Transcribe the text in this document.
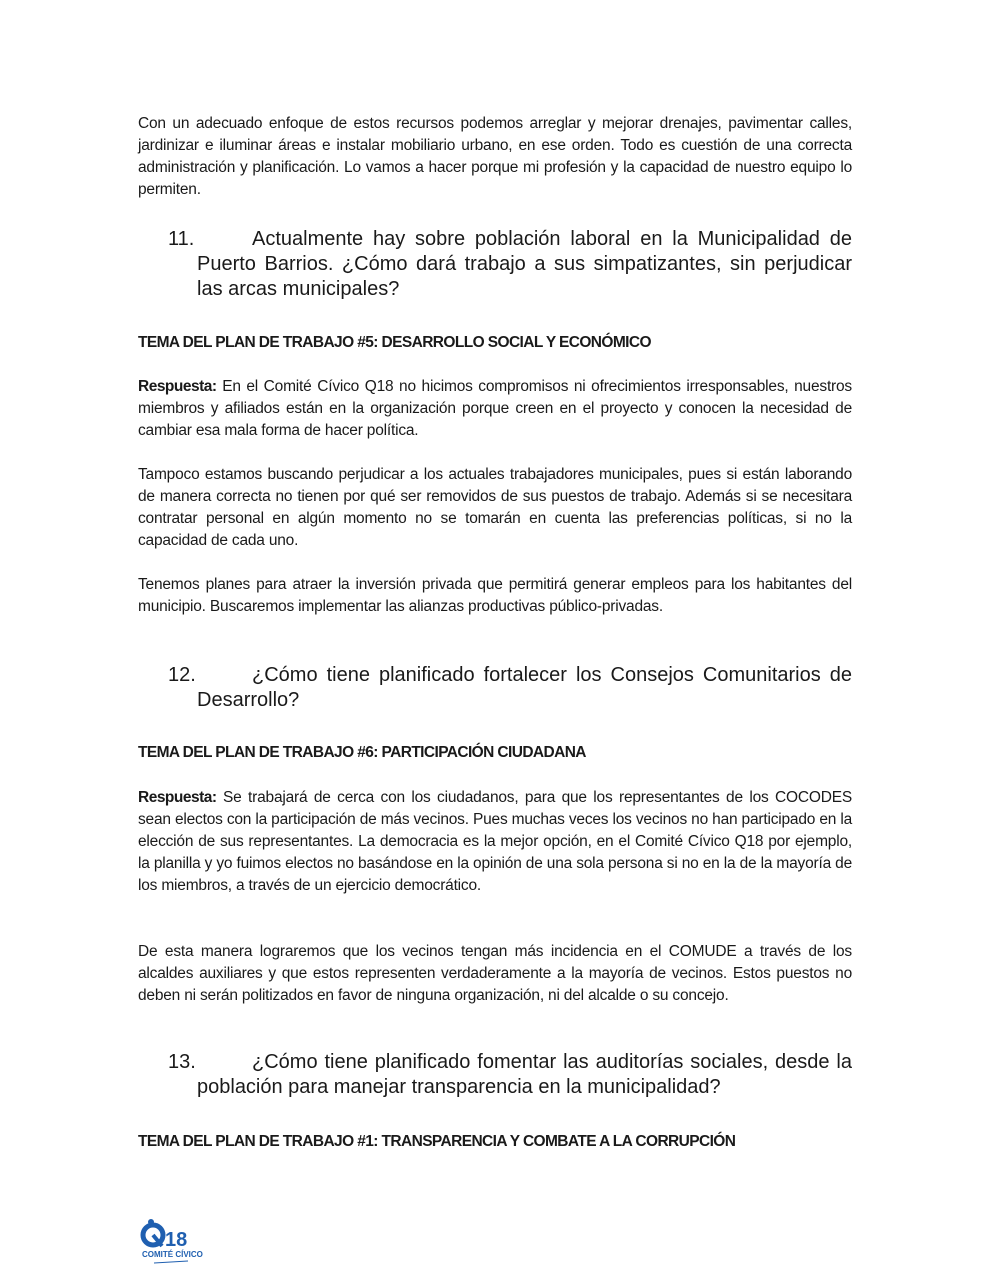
Con un adecuado enfoque de estos recursos podemos arreglar y mejorar drenajes, pavimentar calles, jardinizar e iluminar áreas e instalar mobiliario urbano, en ese orden. Todo es cuestión de una correcta administración y planificación. Lo vamos a hacer porque mi profesión y la capacidad de nuestro equipo lo permiten.
11.	Actualmente hay sobre población laboral en la Municipalidad de Puerto Barrios. ¿Cómo dará trabajo a sus simpatizantes, sin perjudicar las arcas municipales?
TEMA DEL PLAN DE TRABAJO #5: DESARROLLO SOCIAL Y ECONÓMICO
Respuesta: En el Comité Cívico Q18 no hicimos compromisos ni ofrecimientos irresponsables, nuestros miembros y afiliados están en la organización porque creen en el proyecto y conocen la necesidad de cambiar esa mala forma de hacer política.
Tampoco estamos buscando perjudicar a los actuales trabajadores municipales, pues si están laborando de manera correcta no tienen por qué ser removidos de sus puestos de trabajo. Además si se necesitara contratar personal en algún momento no se tomarán en cuenta las preferencias políticas, si no la capacidad de cada uno.
Tenemos planes para atraer la inversión privada que permitirá generar empleos para los habitantes del municipio. Buscaremos implementar las alianzas productivas público-privadas.
12.	¿Cómo tiene planificado fortalecer los Consejos Comunitarios de Desarrollo?
TEMA DEL PLAN DE TRABAJO #6: PARTICIPACIÓN CIUDADANA
Respuesta: Se trabajará de cerca con los ciudadanos, para que los representantes de los COCODES sean electos con la participación de más vecinos. Pues muchas veces los vecinos no han participado en la elección de sus representantes. La democracia es la mejor opción, en el Comité Cívico Q18 por ejemplo, la planilla y yo fuimos electos no basándose en la opinión de una sola persona si no en la de la mayoría de los miembros, a través de un ejercicio democrático.
De esta manera lograremos que los vecinos tengan más incidencia en el COMUDE a través de los alcaldes auxiliares y que estos representen verdaderamente a la mayoría de vecinos. Estos puestos no deben ni serán politizados en favor de ninguna organización, ni del alcalde o su concejo.
13.	¿Cómo tiene planificado fomentar las auditorías sociales, desde la población para manejar transparencia en la municipalidad?
TEMA DEL PLAN DE TRABAJO #1: TRANSPARENCIA Y COMBATE A LA CORRUPCIÓN
18
COMITÉ CÍVICO
